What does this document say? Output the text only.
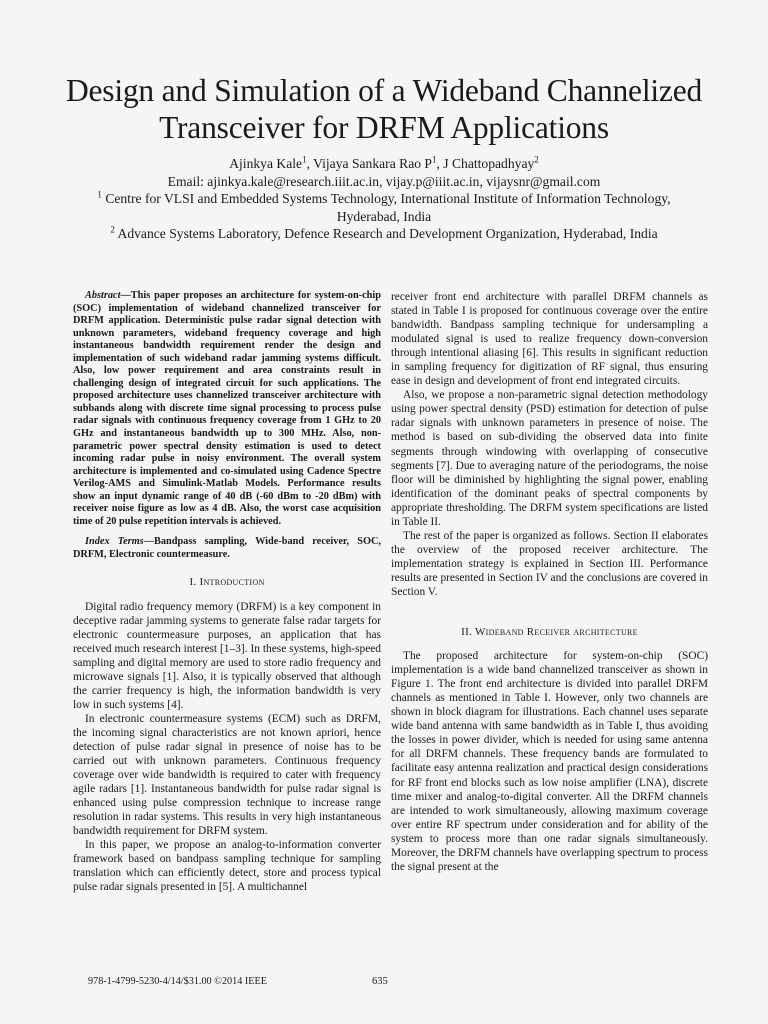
Design and Simulation of a Wideband Channelized
Transceiver for DRFM Applications
Ajinkya Kale$^1$, Vijaya Sankara Rao $P^1$, J Chattopadhyay$^2$
Email: ajinkya.kale@research.iiit.ac.in, vijay.p@iiit.ac.in, vijaysnr@gmail.com
$^1$ Centre for VLSI and Embedded Systems Technology, International Institute of Information Technology,
Hyderabad, India
$^2$ Advance Systems Laboratory, Defence Research and Development Organization, Hyderabad, India

Abstract—This paper proposes an architecture for system-on-chip (SOC) implementation of wideband channelized transceiver for DRFM application. Deterministic pulse radar signal detection with unknown parameters, wideband frequency coverage and high instantaneous bandwidth requirement render the design and implementation of such wideband radar jamming systems difficult. Also, low power requirement and area constraints result in challenging design of integrated circuit for such applications. The proposed architecture uses channelized transceiver architecture with subbands along with discrete time signal processing to process pulse radar signals with continuous frequency coverage from 1 GHz to 20 GHz and instantaneous bandwidth up to 300 MHz. Also, non-parametric power spectral density estimation is used to detect incoming radar pulse in noisy environment. The overall system architecture is implemented and co-simulated using Cadence Spectre Verilog-AMS and Simulink-Matlab Models. Performance results show an input dynamic range of 40 dB (-60 dBm to -20 dBm) with receiver noise figure as low as 4 dB. Also, the worst case acquisition time of 20 pulse repetition intervals is achieved.

Index Terms—Bandpass sampling, Wide-band receiver, SOC, DRFM, Electronic countermeasure.

I. Introduction

Digital radio frequency memory (DRFM) is a key component in deceptive radar jamming systems to generate false radar targets for electronic countermeasure purposes, an application that has received much research interest [1–3]. In these systems, high-speed sampling and digital memory are used to store radio frequency and microwave signals [1]. Also, it is typically observed that although the carrier frequency is high, the information bandwidth is very low in such systems [4].

In electronic countermeasure systems (ECM) such as DRFM, the incoming signal characteristics are not known apriori, hence detection of pulse radar signal in presence of noise has to be carried out with unknown parameters. Continuous frequency coverage over wide bandwidth is required to cater with frequency agile radars [1]. Instantaneous bandwidth for pulse radar signal is enhanced using pulse compression technique to increase range resolution in radar systems. This results in very high instantaneous bandwidth requirement for DRFM system.

In this paper, we propose an analog-to-information converter framework based on bandpass sampling technique for sampling translation which can efficiently detect, store and process typical pulse radar signals presented in [5]. A multichannel

receiver front end architecture with parallel DRFM channels as stated in Table I is proposed for continuous coverage over the entire bandwidth. Bandpass sampling technique for undersampling a modulated signal is used to realize frequency down-conversion through intentional aliasing [6]. This results in significant reduction in sampling frequency for digitization of RF signal, thus ensuring ease in design and development of front end integrated circuits.

Also, we propose a non-parametric signal detection methodology using power spectral density (PSD) estimation for detection of pulse radar signals with unknown parameters in presence of noise. The method is based on sub-dividing the observed data into finite segments through windowing with overlapping of consecutive segments [7]. Due to averaging nature of the periodograms, the noise floor will be diminished by highlighting the signal power, enabling identification of the dominant peaks of spectral components by appropriate thresholding. The DRFM system specifications are listed in Table II.

The rest of the paper is organized as follows. Section II elaborates the overview of the proposed receiver architecture. The implementation strategy is explained in Section III. Performance results are presented in Section IV and the conclusions are covered in Section V.

II. Wideband Receiver architecture

The proposed architecture for system-on-chip (SOC) implementation is a wide band channelized transceiver as shown in Figure 1. The front end architecture is divided into parallel DRFM channels as mentioned in Table I. However, only two channels are shown in block diagram for illustrations. Each channel uses separate wide band antenna with same bandwidth as in Table I, thus avoiding the losses in power divider, which is needed for using same antenna for all DRFM channels. These frequency bands are formulated to facilitate easy antenna realization and practical design considerations for RF front end blocks such as low noise amplifier (LNA), discrete time mixer and analog-to-digital converter. All the DRFM channels are intended to work simultaneously, allowing maximum coverage over entire RF spectrum under consideration and for ability of the system to process more than one radar signals simultaneously. Moreover, the DRFM channels have overlapping spectrum to process the signal present at the

978-1-4799-5230-4/14/$31.00 ©2014 IEEE	635
